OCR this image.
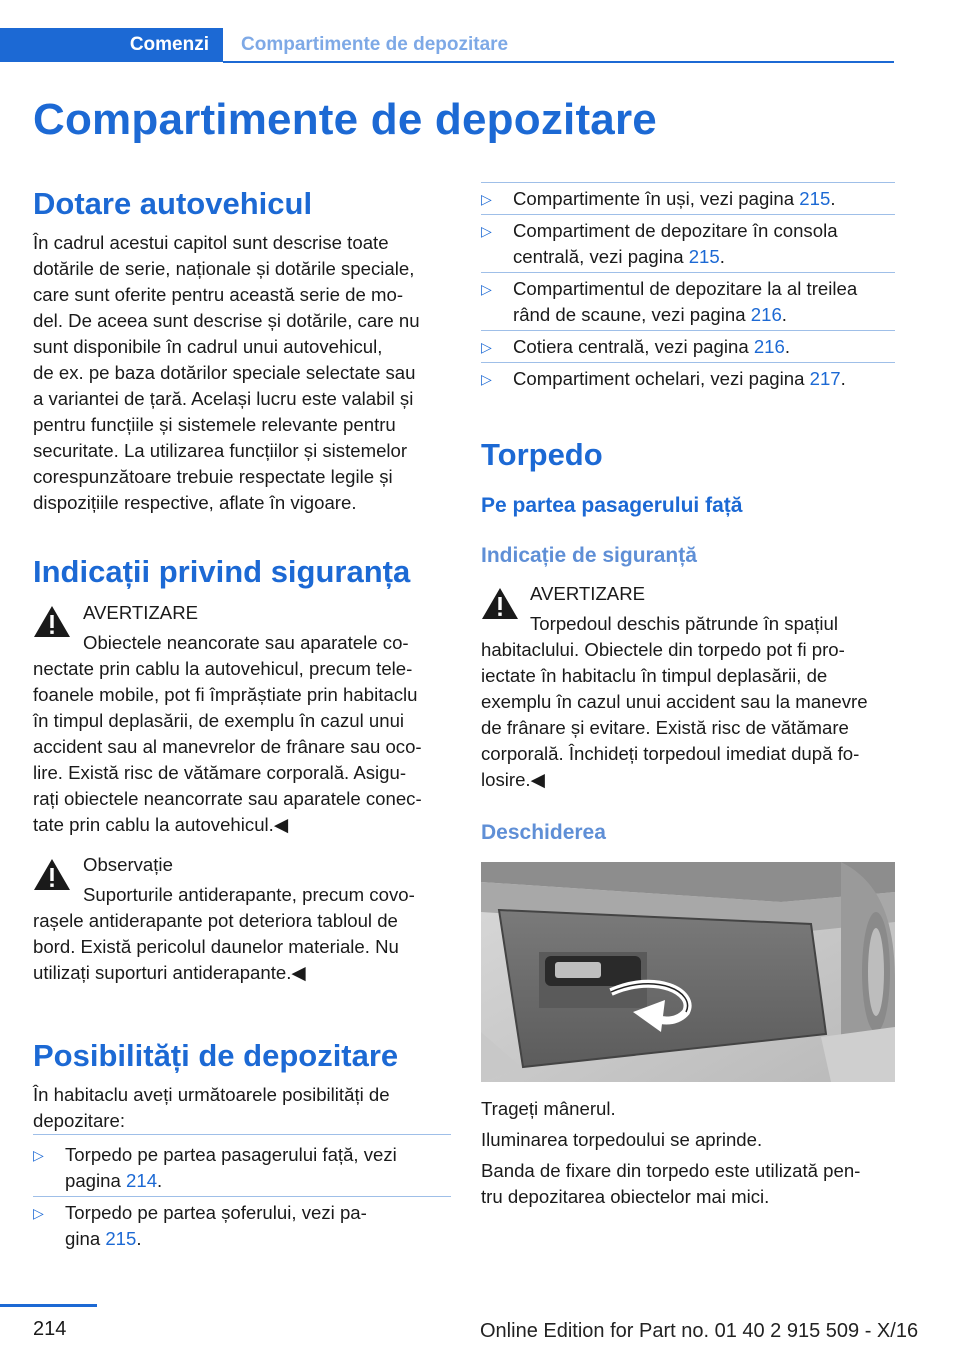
Comenzi	Compartimente de depozitare
Compartimente de depozitare
Dotare autovehicul
În cadrul acestui capitol sunt descrise toate
dotările de serie, naționale și dotările speciale,
care sunt oferite pentru această serie de mo-
del. De aceea sunt descrise și dotările, care nu
sunt disponibile în cadrul unui autovehicul,
de ex. pe baza dotărilor speciale selectate sau
a variantei de țară. Același lucru este valabil și
pentru funcțiile și sistemele relevante pentru
securitate. La utilizarea funcțiilor și sistemelor
corespunzătoare trebuie respectate legile și
dispozițiile respective, aflate în vigoare.
Indicații privind siguranța
AVERTIZARE
Obiectele neancorate sau aparatele co-
nectate prin cablu la autovehicul, precum tele-
foanele mobile, pot fi împrăștiate prin habitaclu
în timpul deplasării, de exemplu în cazul unui
accident sau al manevrelor de frânare sau oco-
lire. Există risc de vătămare corporală. Asigu-
rați obiectele neancorrate sau aparatele conec-
tate prin cablu la autovehicul.◀
Observație
Suporturile antiderapante, precum covo-
rașele antiderapante pot deteriora tabloul de
bord. Există pericolul daunelor materiale. Nu
utilizați suporturi antiderapante.◀
Posibilități de depozitare
În habitaclu aveți următoarele posibilități de
depozitare:
▷ Torpedo pe partea pasagerului față, vezi
pagina 214.
▷ Torpedo pe partea șoferului, vezi pa-
gina 215.
▷ Compartimente în uși, vezi pagina 215.
▷ Compartiment de depozitare în consola
centrală, vezi pagina 215.
▷ Compartimentul de depozitare la al treilea
rând de scaune, vezi pagina 216.
▷ Cotiera centrală, vezi pagina 216.
▷ Compartiment ochelari, vezi pagina 217.
Torpedo
Pe partea pasagerului față
Indicație de siguranță
AVERTIZARE
Torpedoul deschis pătrunde în spațiul
habitaclului. Obiectele din torpedo pot fi pro-
iectate în habitaclu în timpul deplasării, de
exemplu în cazul unui accident sau la manevre
de frânare și evitare. Există risc de vătămare
corporală. Închideți torpedoul imediat după fo-
losire.◀
Deschiderea
Trageți mânerul.
Iluminarea torpedoului se aprinde.
Banda de fixare din torpedo este utilizată pen-
tru depozitarea obiectelor mai mici.
214	Online Edition for Part no. 01 40 2 915 509 - X/16
